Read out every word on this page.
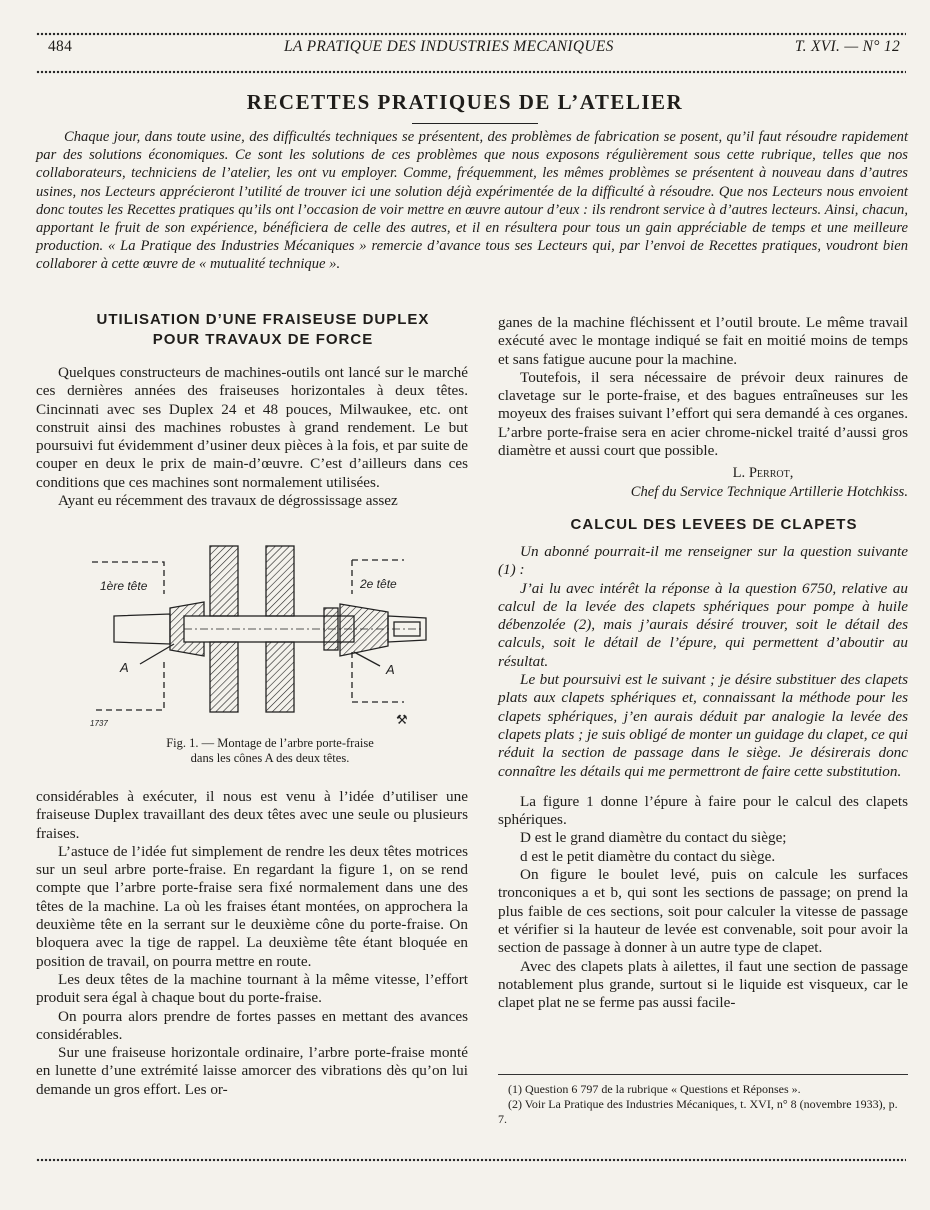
484	LA PRATIQUE DES INDUSTRIES MECANIQUES	T. XVI. — N° 12
RECETTES PRATIQUES DE L’ATELIER

Chaque jour, dans toute usine, des difficultés techniques se présentent, des problèmes de fabrication se posent, qu’il faut résoudre rapidement par des solutions économiques. Ce sont les solutions de ces problèmes que nous exposons régulièrement sous cette rubrique, telles que nos collaborateurs, techniciens de l’atelier, les ont vu employer. Comme, fréquemment, les mêmes problèmes se présentent à nouveau dans d’autres usines, nos Lecteurs apprécieront l’utilité de trouver ici une solution déjà expérimentée de la difficulté à résoudre. Que nos Lecteurs nous envoient donc toutes les Recettes pratiques qu’ils ont l’occasion de voir mettre en œuvre autour d’eux : ils rendront service à d’autres lecteurs. Ainsi, chacun, apportant le fruit de son expérience, bénéficiera de celle des autres, et il en résultera pour tous un gain appréciable de temps et une meilleure production. « La Pratique des Industries Mécaniques » remercie d’avance tous ses Lecteurs qui, par l’envoi de Recettes pratiques, voudront bien collaborer à cette œuvre de « mutualité technique ».

UTILISATION D’UNE FRAISEUSE DUPLEX

POUR TRAVAUX DE FORCE

Quelques constructeurs de machines-outils ont lancé sur le marché ces dernières années des fraiseuses horizontales à deux têtes. Cincinnati avec ses Duplex 24 et 48 pouces, Milwaukee, etc. ont construit ainsi des machines robustes à grand rendement. Le but poursuivi fut évidemment d’usiner deux pièces à la fois, et par suite de couper en deux le prix de main-d’œuvre. C’est d’ailleurs dans ces conditions que ces machines sont normalement utilisées.

Ayant eu récemment des travaux de dégrossissage assez

1ère tête	2e tête
A	A
1737	⚒
Fig. 1. — Montage de l’arbre porte-fraise
dans les cônes A des deux têtes.

considérables à exécuter, il nous est venu à l’idée d’utiliser une fraiseuse Duplex travaillant des deux têtes avec une seule ou plusieurs fraises.

L’astuce de l’idée fut simplement de rendre les deux têtes motrices sur un seul arbre porte-fraise. En regardant la figure 1, on se rend compte que l’arbre porte-fraise sera fixé normalement dans une des têtes de la machine. La où les fraises étant montées, on approchera la deuxième tête en la serrant sur le deuxième cône du porte-fraise. On bloquera avec la tige de rappel. La deuxième tête étant bloquée en position de travail, on pourra mettre en route.

Les deux têtes de la machine tournant à la même vitesse, l’effort produit sera égal à chaque bout du porte-fraise.

On pourra alors prendre de fortes passes en mettant des avances considérables.

Sur une fraiseuse horizontale ordinaire, l’arbre porte-fraise monté en lunette d’une extrémité laisse amorcer des vibrations dès qu’on lui demande un gros effort. Les or-

ganes de la machine fléchissent et l’outil broute. Le même travail exécuté avec le montage indiqué se fait en moitié moins de temps et sans fatigue aucune pour la machine.

Toutefois, il sera nécessaire de prévoir deux rainures de clavetage sur le porte-fraise, et des bagues entraîneuses sur les moyeux des fraises suivant l’effort qui sera demandé à ces organes. L’arbre porte-fraise sera en acier chrome-nickel traité d’aussi gros diamètre et aussi court que possible.

L. Perrot,
Chef du Service Technique Artillerie Hotchkiss.

CALCUL DES LEVEES DE CLAPETS

Un abonné pourrait-il me renseigner sur la question suivante (1) :

J’ai lu avec intérêt la réponse à la question 6750, relative au calcul de la levée des clapets sphériques pour pompe à huile débenzolée (2), mais j’aurais désiré trouver, soit le détail des calculs, soit le détail de l’épure, qui permettent d’aboutir au résultat.

Le but poursuivi est le suivant ; je désire substituer des clapets plats aux clapets sphériques et, connaissant la méthode pour les clapets sphériques, j’en aurais déduit par analogie la levée des clapets plats ; je suis obligé de monter un guidage du clapet, ce qui réduit la section de passage dans le siège. Je désirerais donc connaître les détails qui me permettront de faire cette substitution.

La figure 1 donne l’épure à faire pour le calcul des clapets sphériques.

D est le grand diamètre du contact du siège;

d est le petit diamètre du contact du siège.

On figure le boulet levé, puis on calcule les surfaces tronconiques a et b, qui sont les sections de passage; on prend la plus faible de ces sections, soit pour calculer la vitesse de passage et vérifier si la hauteur de levée est convenable, soit pour avoir la section de passage à donner à un autre type de clapet.

Avec des clapets plats à ailettes, il faut une section de passage notablement plus grande, surtout si le liquide est visqueux, car le clapet plat ne se ferme pas aussi facile-

(1) Question 6 797 de la rubrique « Questions et Réponses ».

(2) Voir La Pratique des Industries Mécaniques, t. XVI, n° 8 (novembre 1933), p. 7.
